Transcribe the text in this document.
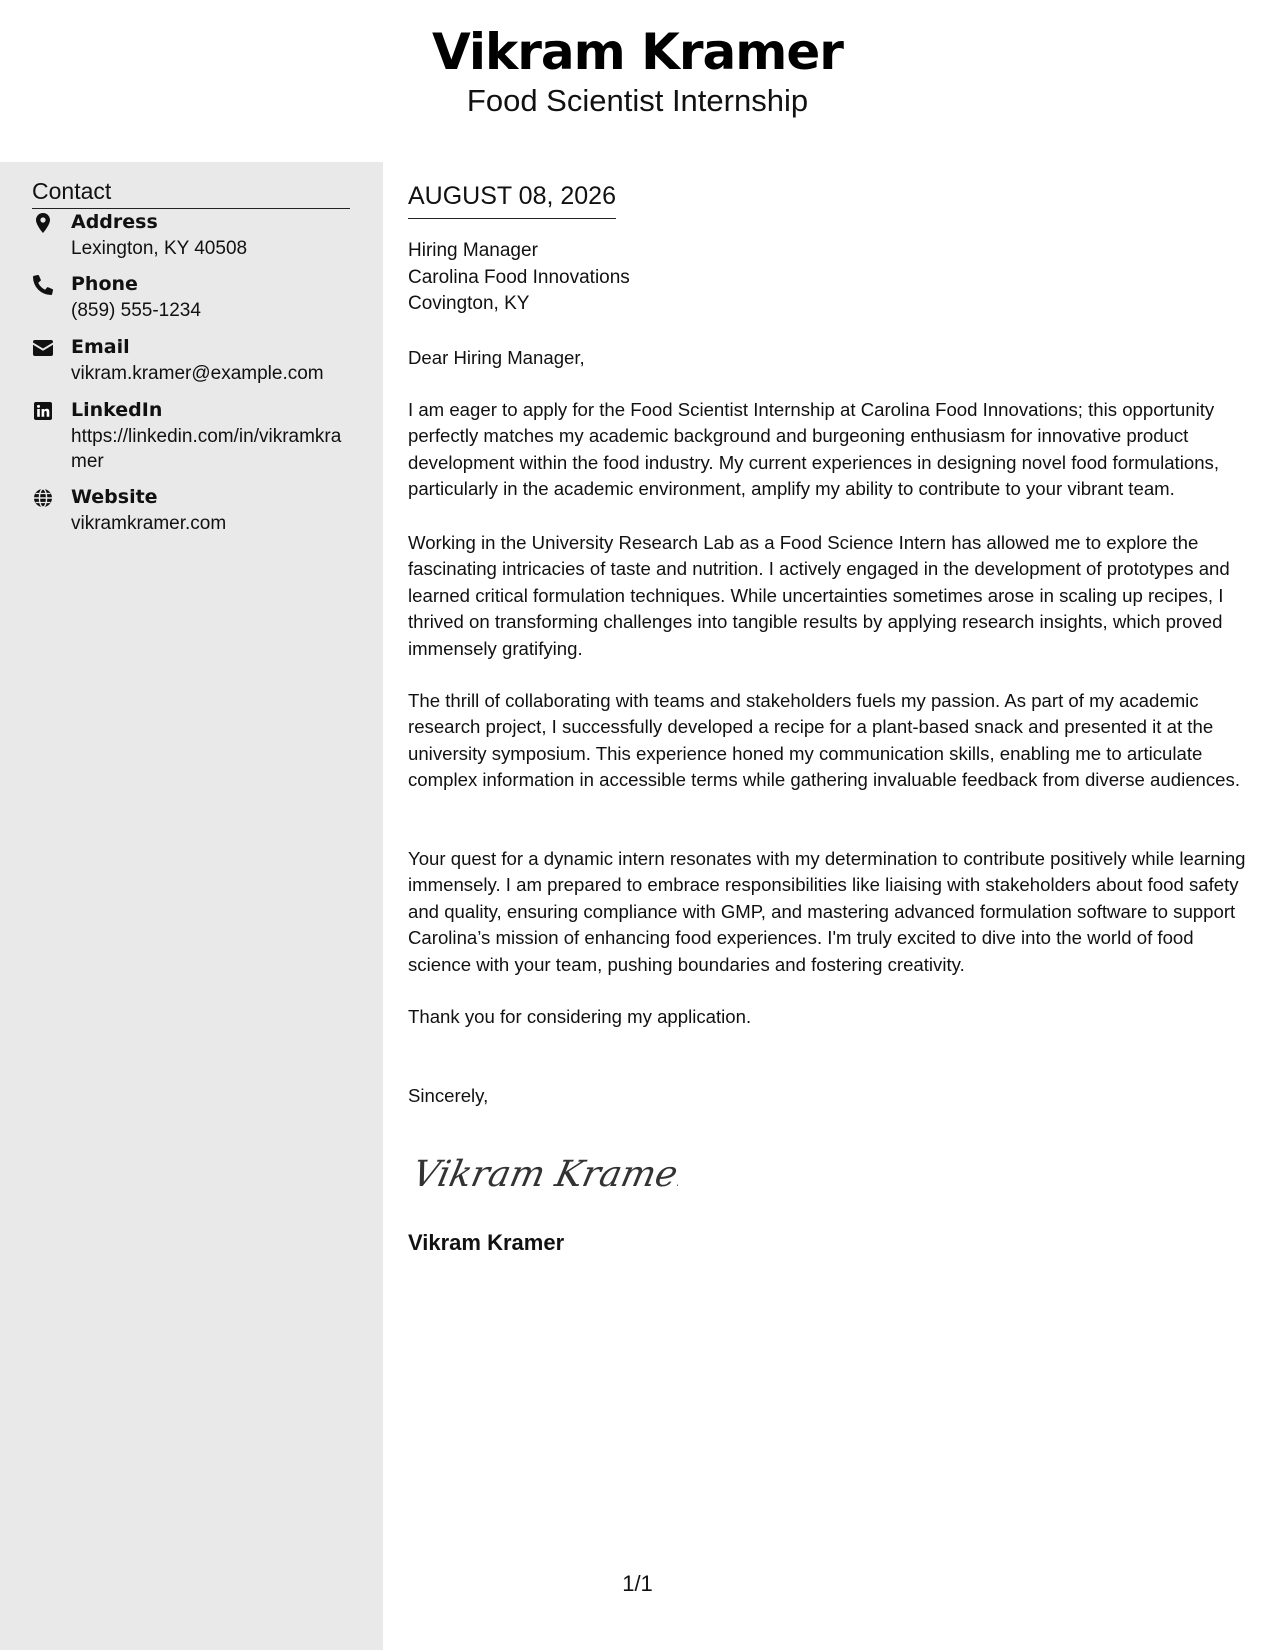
Vikram Kramer
Food Scientist Internship
Contact
Address
Lexington, KY 40508
Phone
(859) 555-1234
Email
vikram.kramer@example.com
LinkedIn
https://linkedin.com/in/vikramkramer
Website
vikramkramer.com
AUGUST 08, 2026
Hiring Manager
Carolina Food Innovations
Covington, KY
Dear Hiring Manager,
I am eager to apply for the Food Scientist Internship at Carolina Food Innovations; this opportunity perfectly matches my academic background and burgeoning enthusiasm for innovative product development within the food industry. My current experiences in designing novel food formulations, particularly in the academic environment, amplify my ability to contribute to your vibrant team.
Working in the University Research Lab as a Food Science Intern has allowed me to explore the fascinating intricacies of taste and nutrition. I actively engaged in the development of prototypes and learned critical formulation techniques. While uncertainties sometimes arose in scaling up recipes, I thrived on transforming challenges into tangible results by applying research insights, which proved immensely gratifying.
The thrill of collaborating with teams and stakeholders fuels my passion. As part of my academic research project, I successfully developed a recipe for a plant-based snack and presented it at the university symposium. This experience honed my communication skills, enabling me to articulate complex information in accessible terms while gathering invaluable feedback from diverse audiences.
Your quest for a dynamic intern resonates with my determination to contribute positively while learning immensely. I am prepared to embrace responsibilities like liaising with stakeholders about food safety and quality, ensuring compliance with GMP, and mastering advanced formulation software to support Carolina’s mission of enhancing food experiences. I'm truly excited to dive into the world of food science with your team, pushing boundaries and fostering creativity.
Thank you for considering my application.
Sincerely,
Vikram Kramer
Vikram Kramer
1/1
